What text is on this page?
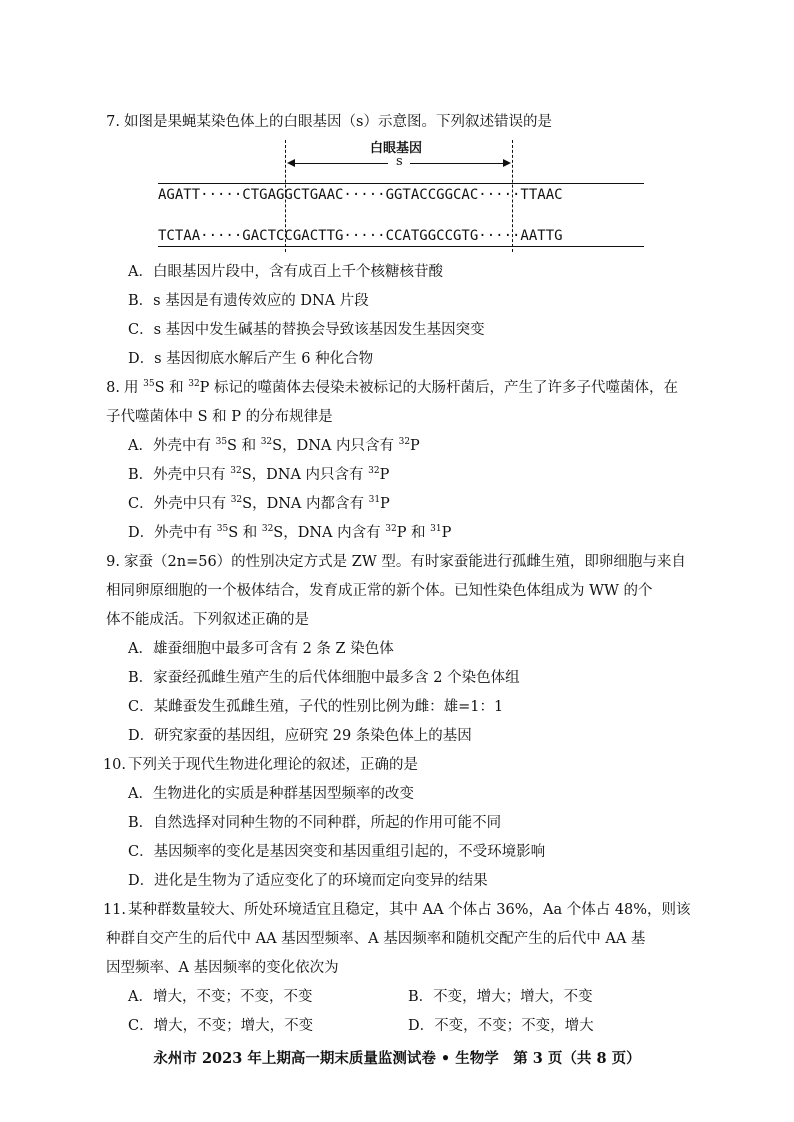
7. 如图是果蝇某染色体上的白眼基因（s）示意图。下列叙述错误的是

白眼基因
s
AGATT·····CTGAGGCTGAAC·····GGTACCGGCAC·····TTAAC
TCTAA·····GACTCCGACTTG·····CCATGGCCGTG·····AATTG
A．白眼基因片段中，含有成百上千个核糖核苷酸
B．s 基因是有遗传效应的 DNA 片段
C．s 基因中发生碱基的替换会导致该基因发生基因突变
D．s 基因彻底水解后产生 6 种化合物
8. 用 $^{35}$S 和 $^{32}$P 标记的噬菌体去侵染未被标记的大肠杆菌后，产生了许多子代噬菌体，在

子代噬菌体中 S 和 P 的分布规律是

A．外壳中有 $^{35}$S 和 $^{32}$S，DNA 内只含有 $^{32}$P
B．外壳中只有 $^{32}$S，DNA 内只含有 $^{32}$P
C．外壳中只有 $^{32}$S，DNA 内都含有 $^{31}$P
D．外壳中有 $^{35}$S 和 $^{32}$S，DNA 内含有 $^{32}$P 和 $^{31}$P
9. 家蚕（2n=56）的性别决定方式是 ZW 型。有时家蚕能进行孤雌生殖，即卵细胞与来自

相同卵原细胞的一个极体结合，发育成正常的新个体。已知性染色体组成为 WW 的个

体不能成活。下列叙述正确的是

A．雄蚕细胞中最多可含有 2 条 Z 染色体
B．家蚕经孤雌生殖产生的后代体细胞中最多含 2 个染色体组
C．某雌蚕发生孤雌生殖，子代的性别比例为雌：雄=1：1
D．研究家蚕的基因组，应研究 29 条染色体上的基因
10. 下列关于现代生物进化理论的叙述，正确的是

A．生物进化的实质是种群基因型频率的改变
B．自然选择对同种生物的不同种群，所起的作用可能不同
C．基因频率的变化是基因突变和基因重组引起的，不受环境影响
D．进化是生物为了适应变化了的环境而定向变异的结果
11. 某种群数量较大、所处环境适宜且稳定，其中 AA 个体占 36%，Aa 个体占 48%，则该

种群自交产生的后代中 AA 基因型频率、A 基因频率和随机交配产生的后代中 AA 基

因型频率、A 基因频率的变化依次为

A．增大，不变；不变，不变	B．不变，增大；增大，不变
C．增大，不变；增大，不变	D．不变，不变；不变，增大
永州市 2023 年上期高一期末质量监测试卷 • 生物学　第 3 页（共 8 页）
